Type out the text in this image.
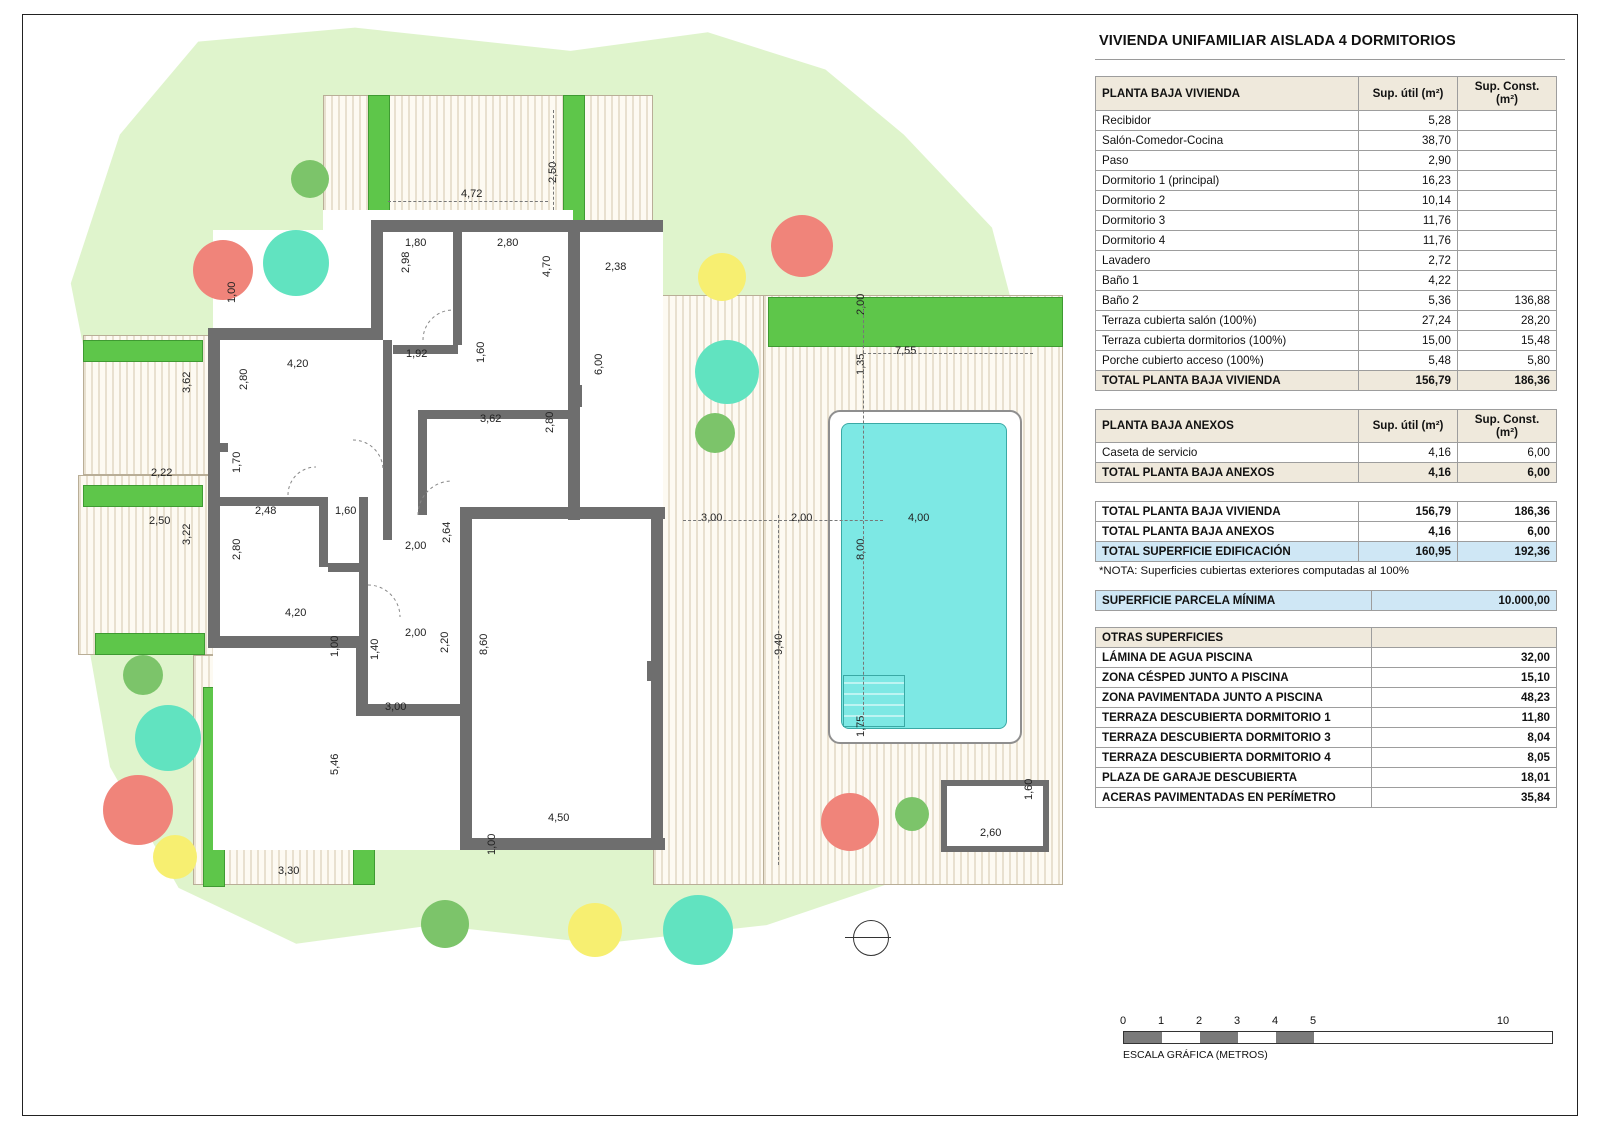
4,72
2,50
1,80	2,80
2,38
2,98	4,70
1,00
1,92
4,20
1,60
6,00
3,62	2,80
3,62	2,80
2,22	1,70
2,48	1,60
2,50
2,00
2,64
3,22
2,80
4,20
2,00
1,40	2,20
1,00
3,00
8,60
5,46
4,50
3,30
1,00
3,00	2,00
7,55
2,00
1,35
4,00
8,00
9,40
1,75
2,60
1,60
VIVIENDA UNIFAMILIAR AISLADA 4 DORMITORIOS
PLANTA BAJA VIVIENDA	Sup. útil (m²)	Sup. Const. (m²)
Recibidor	5,28	
Salón-Comedor-Cocina	38,70	
Paso	2,90	
Dormitorio 1 (principal)	16,23	
Dormitorio 2	10,14	
Dormitorio 3	11,76	
Dormitorio 4	11,76	
Lavadero	2,72	
Baño 1	4,22	
Baño 2	5,36	136,88
Terraza cubierta salón (100%)	27,24	28,20
Terraza cubierta dormitorios (100%)	15,00	15,48
Porche cubierto acceso (100%)	5,48	5,80
TOTAL PLANTA BAJA VIVIENDA	156,79	186,36
PLANTA BAJA ANEXOS	Sup. útil (m²)	Sup. Const. (m²)
Caseta de servicio	4,16	6,00
TOTAL PLANTA BAJA ANEXOS	4,16	6,00
TOTAL PLANTA BAJA VIVIENDA	156,79	186,36
TOTAL PLANTA BAJA ANEXOS	4,16	6,00
TOTAL SUPERFICIE EDIFICACIÓN	160,95	192,36
*NOTA: Superficies cubiertas exteriores computadas al 100%
SUPERFICIE PARCELA MÍNIMA	10.000,00
OTRAS SUPERFICIES	
LÁMINA DE AGUA PISCINA	32,00
ZONA CÉSPED JUNTO A PISCINA	15,10
ZONA PAVIMENTADA JUNTO A PISCINA	48,23
TERRAZA DESCUBIERTA DORMITORIO 1	11,80
TERRAZA DESCUBIERTA DORMITORIO 3	8,04
TERRAZA DESCUBIERTA DORMITORIO 4	8,05
PLAZA DE GARAJE DESCUBIERTA	18,01
ACERAS PAVIMENTADAS EN PERÍMETRO	35,84
0	1	2	3	4	5	10
ESCALA GRÁFICA (METROS)
